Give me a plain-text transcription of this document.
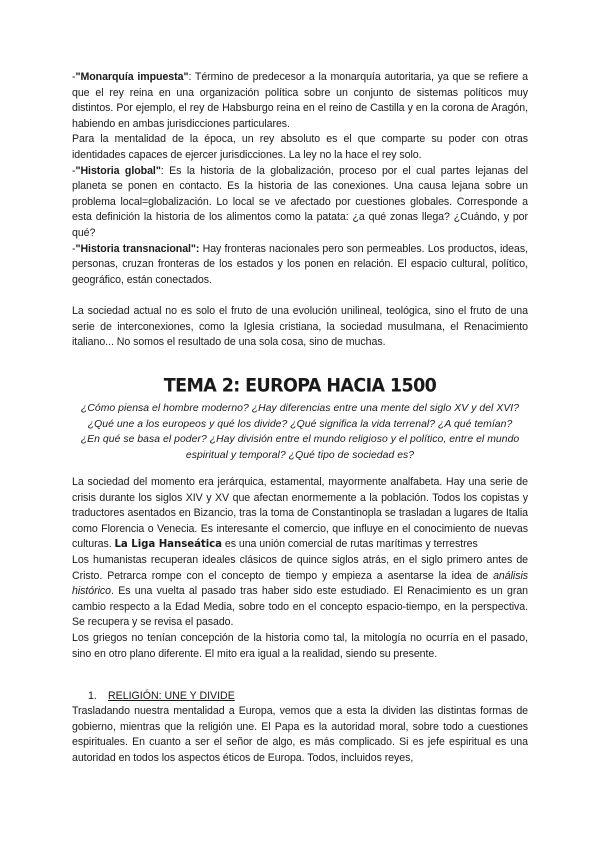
-"Monarquía impuesta": Término de predecesor a la monarquía autoritaria, ya que se refiere a que el rey reina en una organización política sobre un conjunto de sistemas políticos muy distintos. Por ejemplo, el rey de Habsburgo reina en el reino de Castilla y en la corona de Aragón, habiendo en ambas jurisdicciones particulares.

Para la mentalidad de la época, un rey absoluto es el que comparte su poder con otras identidades capaces de ejercer jurisdicciones. La ley no la hace el rey solo.

-"Historia global": Es la historia de la globalización, proceso por el cual partes lejanas del planeta se ponen en contacto. Es la historia de las conexiones. Una causa lejana sobre un problema local=globalización. Lo local se ve afectado por cuestiones globales. Corresponde a esta definición la historia de los alimentos como la patata: ¿a qué zonas llega? ¿Cuándo, y por qué?

-"Historia transnacional": Hay fronteras nacionales pero son permeables. Los productos, ideas, personas, cruzan fronteras de los estados y los ponen en relación. El espacio cultural, político, geográfico, están conectados.

La sociedad actual no es solo el fruto de una evolución unilineal, teológica, sino el fruto de una serie de interconexiones, como la Iglesia cristiana, la sociedad musulmana, el Renacimiento italiano... No somos el resultado de una sola cosa, sino de muchas.

TEMA 2: EUROPA HACIA 1500
¿Cómo piensa el hombre moderno? ¿Hay diferencias entre una mente del siglo XV y del XVI? ¿Qué une a los europeos y qué los divide? ¿Qué significa la vida terrenal? ¿A qué temían? ¿En qué se basa el poder? ¿Hay división entre el mundo religioso y el político, entre el mundo espiritual y temporal? ¿Qué tipo de sociedad es?

La sociedad del momento era jerárquica, estamental, mayormente analfabeta. Hay una serie de crisis durante los siglos XIV y XV que afectan enormemente a la población. Todos los copistas y traductores asentados en Bizancio, tras la toma de Constantinopla se trasladan a lugares de Italia como Florencia o Venecia. Es interesante el comercio, que influye en el conocimiento de nuevas culturas. La Liga Hanseática es una unión comercial de rutas marítimas y terrestres

Los humanistas recuperan ideales clásicos de quince siglos atrás, en el siglo primero antes de Cristo. Petrarca rompe con el concepto de tiempo y empieza a asentarse la idea de análisis histórico. Es una vuelta al pasado tras haber sido este estudiado. El Renacimiento es un gran cambio respecto a la Edad Media, sobre todo en el concepto espacio-tiempo, en la perspectiva. Se recupera y se revisa el pasado.

Los griegos no tenían concepción de la historia como tal, la mitología no ocurría en el pasado, sino en otro plano diferente. El mito era igual a la realidad, siendo su presente.

1. RELIGIÓN: UNE Y DIVIDE

Trasladando nuestra mentalidad a Europa, vemos que a esta la dividen las distintas formas de gobierno, mientras que la religión une. El Papa es la autoridad moral, sobre todo a cuestiones espirituales. En cuanto a ser el señor de algo, es más complicado. Si es jefe espiritual es una autoridad en todos los aspectos éticos de Europa. Todos, incluidos reyes,
